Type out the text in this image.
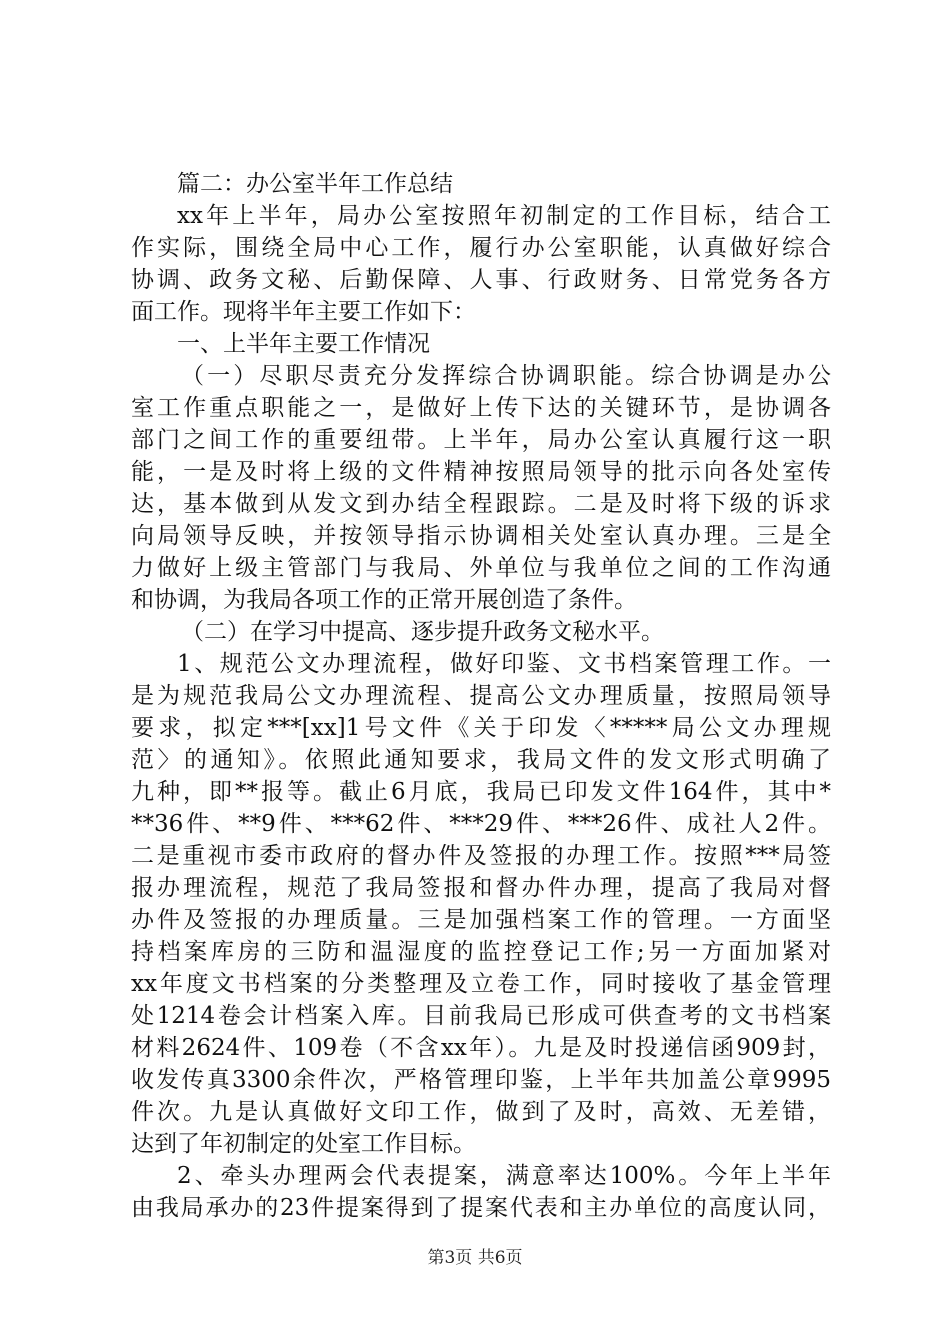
篇二：办公室半年工作总结
xx年上半年，局办公室按照年初制定的工作目标，结合工
作实际，围绕全局中心工作，履行办公室职能，认真做好综合
协调、政务文秘、后勤保障、人事、行政财务、日常党务各方
面工作。现将半年主要工作如下：
一、上半年主要工作情况
（一）尽职尽责充分发挥综合协调职能。综合协调是办公
室工作重点职能之一，是做好上传下达的关键环节，是协调各
部门之间工作的重要纽带。上半年，局办公室认真履行这一职
能，一是及时将上级的文件精神按照局领导的批示向各处室传
达，基本做到从发文到办结全程跟踪。二是及时将下级的诉求
向局领导反映，并按领导指示协调相关处室认真办理。三是全
力做好上级主管部门与我局、外单位与我单位之间的工作沟通
和协调，为我局各项工作的正常开展创造了条件。
（二）在学习中提高、逐步提升政务文秘水平。
1、规范公文办理流程，做好印鉴、文书档案管理工作。一
是为规范我局公文办理流程、提高公文办理质量，按照局领导
要求，拟定***[xx]1号文件《关于印发〈*****局公文办理规
范〉的通知》。依照此通知要求，我局文件的发文形式明确了
九种，即**报等。截止6月底，我局已印发文件164件，其中*
**36件、**9件、***62件、***29件、***26件、成社人2件。
二是重视市委市政府的督办件及签报的办理工作。按照***局签
报办理流程，规范了我局签报和督办件办理，提高了我局对督
办件及签报的办理质量。三是加强档案工作的管理。一方面坚
持档案库房的三防和温湿度的监控登记工作;另一方面加紧对
xx年度文书档案的分类整理及立卷工作，同时接收了基金管理
处1214卷会计档案入库。目前我局已形成可供查考的文书档案
材料2624件、109卷（不含xx年）。九是及时投递信函909封，
收发传真3300余件次，严格管理印鉴，上半年共加盖公章9995
件次。九是认真做好文印工作，做到了及时，高效、无差错，
达到了年初制定的处室工作目标。
2、牵头办理两会代表提案，满意率达100%。今年上半年
由我局承办的23件提案得到了提案代表和主办单位的高度认同，
第3页 共6页
